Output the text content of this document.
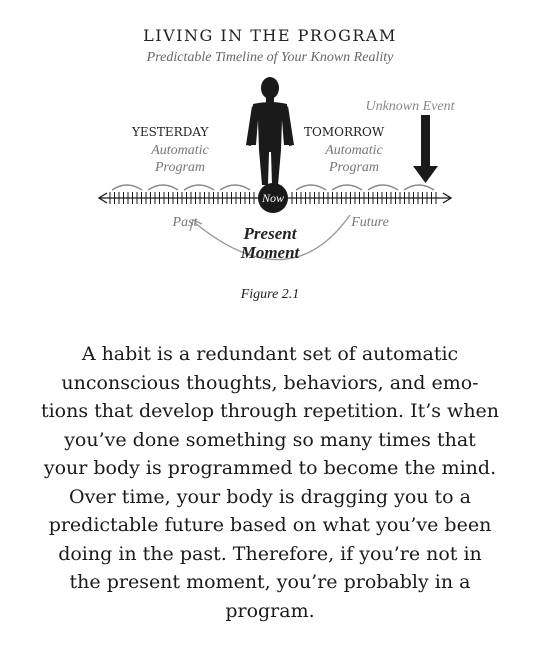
LIVING IN THE PROGRAM
Predictable Timeline of Your Known Reality
Unknown Event
YESTERDAY
Automatic
Program
TOMORROW
Automatic
Program
Now
Past	Future
Present
Moment
Figure 2.1

A habit is a redundant set of automatic unconscious thoughts, behaviors, and emo-tions that develop through repetition. It’s when you’ve done something so many times that your body is programmed to become the mind. Over time, your body is dragging you to a predictable future based on what you’ve been doing in the past. Therefore, if you’re not in the present moment, you’re probably in a program.
